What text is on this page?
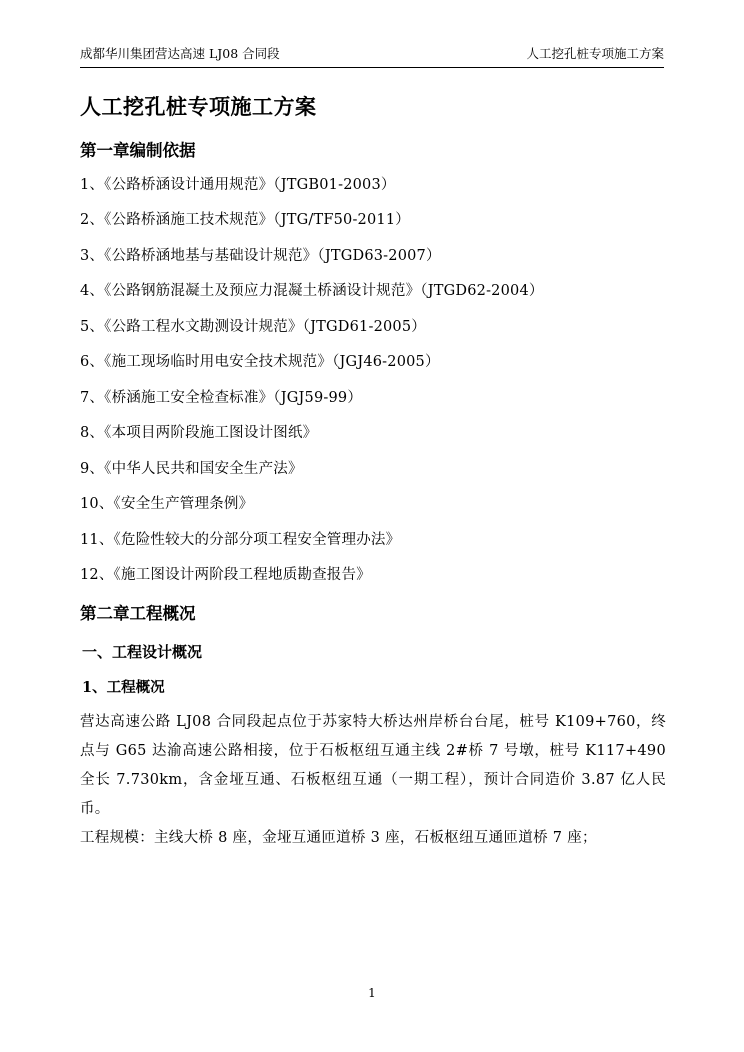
成都华川集团营达高速 LJ08 合同段	人工挖孔桩专项施工方案
人工挖孔桩专项施工方案
第一章编制依据

1、《公路桥涵设计通用规范》（JTGB01-2003）

2、《公路桥涵施工技术规范》（JTG/TF50-2011）

3、《公路桥涵地基与基础设计规范》（JTGD63-2007）

4、《公路钢筋混凝土及预应力混凝土桥涵设计规范》（JTGD62-2004）

5、《公路工程水文勘测设计规范》（JTGD61-2005）

6、《施工现场临时用电安全技术规范》（JGJ46-2005）

7、《桥涵施工安全检查标准》（JGJ59-99）

8、《本项目两阶段施工图设计图纸》

9、《中华人民共和国安全生产法》

10、《安全生产管理条例》

11、《危险性较大的分部分项工程安全管理办法》

12、《施工图设计两阶段工程地质勘查报告》

第二章工程概况
一、工程设计概况
1、工程概况

营达高速公路 LJ08 合同段起点位于苏家特大桥达州岸桥台台尾，桩号 K109+760，终点与 G65 达渝高速公路相接，位于石板枢纽互通主线 2#桥 7 号墩，桩号 K117+490 全长 7.730km，含金垭互通、石板枢纽互通（一期工程），预计合同造价 3.87 亿人民币。

工程规模：主线大桥 8 座，金垭互通匝道桥 3 座，石板枢纽互通匝道桥 7 座；

1
